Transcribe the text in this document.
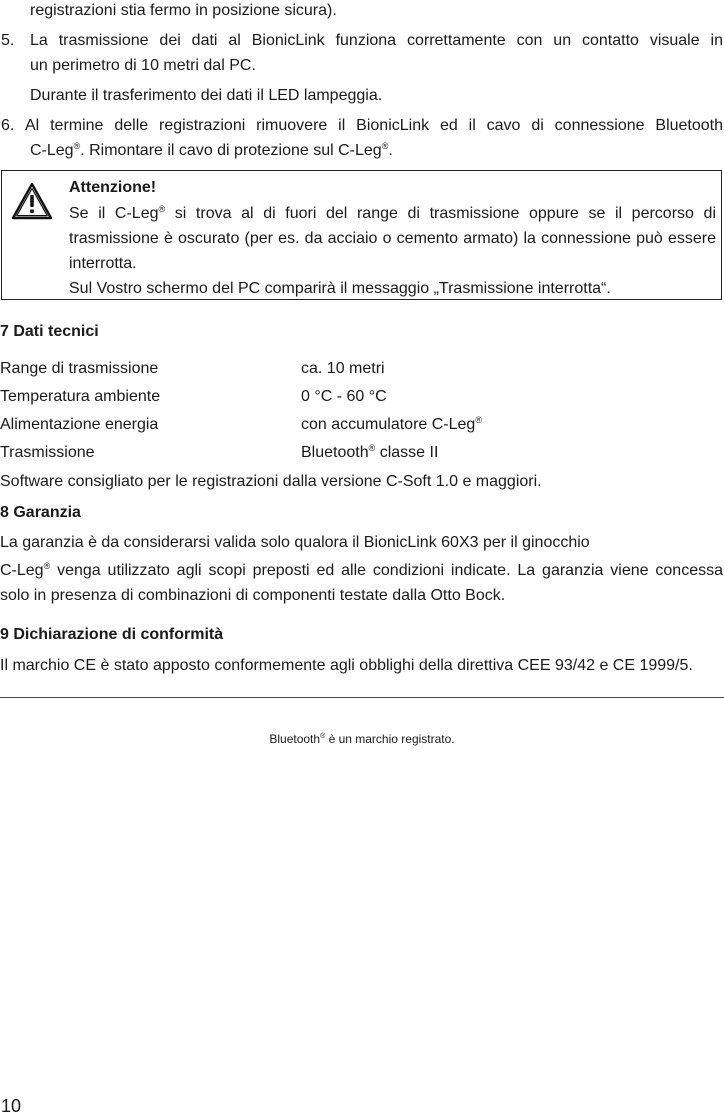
registrazioni stia fermo in posizione sicura).
5. La trasmissione dei dati al BionicLink funziona correttamente con un contatto visuale in
un perimetro di 10 metri dal PC.
Durante il trasferimento dei dati il LED lampeggia.
6. Al termine delle registrazioni rimuovere il BionicLink ed il cavo di connessione Bluetooth
C-Leg®. Rimontare il cavo di protezione sul C-Leg®.
Attenzione!
Se il C-Leg® si trova al di fuori del range di trasmissione oppure se il percorso di trasmissione è oscurato (per es. da acciaio o cemento armato) la connessione può essere interrotta.
Sul Vostro schermo del PC comparirà il messaggio „Trasmissione interrotta“.
7 Dati tecnici
Range di trasmissione	ca. 10 metri
Temperatura ambiente	0 °C - 60 °C
Alimentazione energia	con accumulatore C-Leg®
Trasmissione	Bluetooth® classe II
Software consigliato per le registrazioni dalla versione C-Soft 1.0 e maggiori.
8 Garanzia
La garanzia è da considerarsi valida solo qualora il BionicLink 60X3 per il ginocchio
C-Leg® venga utilizzato agli scopi preposti ed alle condizioni indicate. La garanzia viene concessa solo in presenza di combinazioni di componenti testate dalla Otto Bock.
9 Dichiarazione di conformità
Il marchio CE è stato apposto conformemente agli obblighi della direttiva CEE 93/42 e CE 1999/5.
Bluetooth® è un marchio registrato.
10
